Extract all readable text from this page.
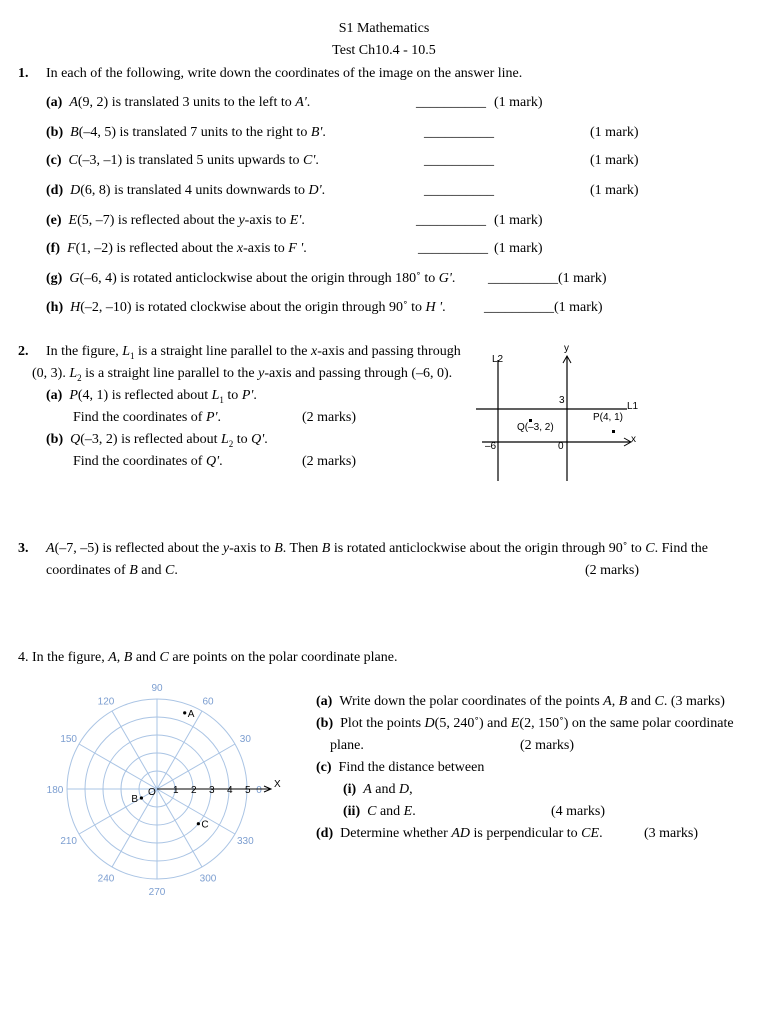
S1 Mathematics
Test Ch10.4 - 10.5
1. In each of the following, write down the coordinates of the image on the answer line.
(a) A(9, 2) is translated 3 units to the left to A'.	__________ (1 mark)
(b) B(–4, 5) is translated 7 units to the right to B'.	__________	(1 mark)
(c) C(–3, –1) is translated 5 units upwards to C'.	__________	(1 mark)
(d) D(6, 8) is translated 4 units downwards to D'.	__________	(1 mark)
(e) E(5, –7) is reflected about the y-axis to E'.	__________ (1 mark)
(f) F(1, –2) is reflected about the x-axis to F '.	__________ (1 mark)
(g) G(–6, 4) is rotated anticlockwise about the origin through 180˚ to G'. __________(1 mark)
(h) H(–2, –10) is rotated clockwise about the origin through 90˚ to H '.	__________(1 mark)
2. In the figure, $L_1$ is a straight line parallel to the x-axis and passing through
(0, 3). $L_2$ is a straight line parallel to the y-axis and passing through (–6, 0).
(a) P(4, 1) is reflected about $L_1$ to P'.
Find the coordinates of P'.	(2 marks)
(b) Q(–3, 2) is reflected about $L_2$ to Q'.
Find the coordinates of Q'.	(2 marks)
L2
y
3
L1
P(4, 1)
Q(–3, 2)
x
–6	0
3. A(–7, –5) is reflected about the y-axis to B. Then B is rotated anticlockwise about the origin through 90˚ to C. Find the
coordinates of B and C.	(2 marks)
4. In the figure, A, B and C are points on the polar coordinate plane.
90
60
30
0
330
300
270
240
210
180
150
120
O
X
1 2 3 4 5
A
B
C
(a) Write down the polar coordinates of the points A, B and C. (3 marks)
(b) Plot the points D(5, 240˚) and E(2, 150˚) on the same polar coordinate
plane.	(2 marks)
(c) Find the distance between
(i) A and D,
(ii) C and E.	(4 marks)
(d) Determine whether AD is perpendicular to CE.	(3 marks)
